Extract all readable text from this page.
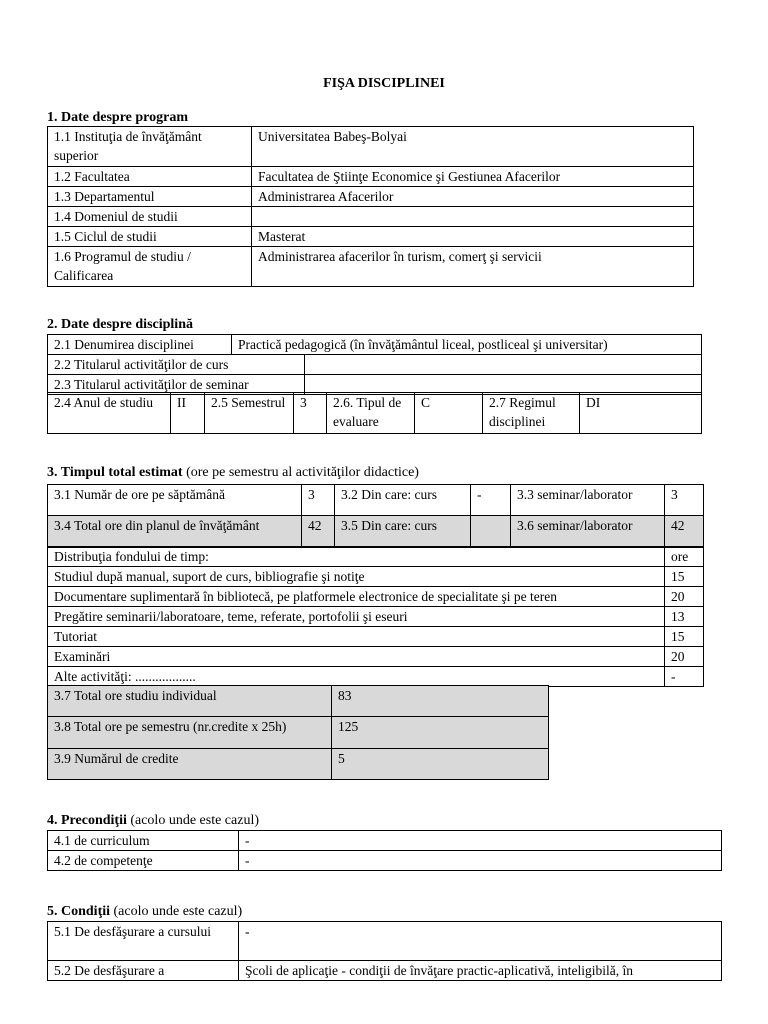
FIŞA DISCIPLINEI
1. Date despre program
1.1 Instituţia de învăţământ superior	Universitatea Babeş-Bolyai
1.2 Facultatea	Facultatea de Ştiinţe Economice şi Gestiunea Afacerilor
1.3 Departamentul	Administrarea Afacerilor
1.4 Domeniul de studii	
1.5 Ciclul de studii	Masterat
1.6 Programul de studiu / Calificarea	Administrarea afacerilor în turism, comerţ şi servicii
2. Date despre disciplină
2.1 Denumirea disciplinei	Practică pedagogică (în învăţământul liceal, postliceal şi universitar)	
2.2 Titularul activităţilor de curs		
2.3 Titularul activităţilor de seminar		
2.4 Anul de studiu	II	2.5 Semestrul	3	2.6. Tipul de evaluare	C	2.7 Regimul disciplinei	DI
3. Timpul total estimat (ore pe semestru al activităţilor didactice)
3.1 Număr de ore pe săptămână	3	3.2 Din care: curs	-	3.3 seminar/laborator	3
3.4 Total ore din planul de învăţământ	42	3.5 Din care: curs		3.6 seminar/laborator	42
Distribuţia fondului de timp:	ore
Studiul după manual, suport de curs, bibliografie şi notiţe	15
Documentare suplimentară în bibliotecă, pe platformele electronice de specialitate şi pe teren	20
Pregătire seminarii/laboratoare, teme, referate, portofolii şi eseuri	13
Tutoriat	15
Examinări	20
Alte activităţi: ..................	-
3.7 Total ore studiu individual	83
3.8 Total ore pe semestru (nr.credite x 25h)	125
3.9 Numărul de credite	5
4. Precondiţii (acolo unde este cazul)
4.1 de curriculum	-
4.2 de competenţe	-
5. Condiţii (acolo unde este cazul)
5.1 De desfăşurare a cursului	-
5.2 De desfăşurare a	Şcoli de aplicaţie - condiţii de învăţare practic-aplicativă, inteligibilă, în
